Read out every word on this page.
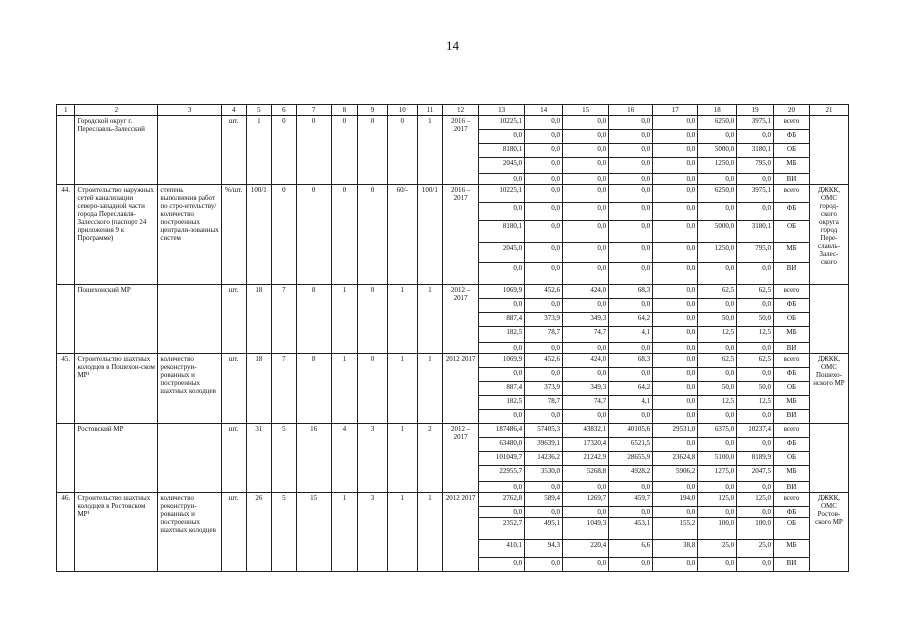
14
1	2	3	4	5	6	7	8	9	10	11	12	13	14	15	16	17	18	19	20	21
	Городской округ г. Переславль-Залесский		шт.	1	0	0	0	0	0	1	2016 – 2017	10225,1	0,0	0,0	0,0	0,0	6250,0	3975,1	всего	
												0,0	0,0	0,0	0,0	0,0	0,0	0,0	ФБ	
												8180,1	0,0	0,0	0,0	0,0	5000,0	3180,1	ОБ	
												2045,0	0,0	0,0	0,0	0,0	1250,0	795,0	МБ	
												0,0	0,0	0,0	0,0	0,0	0,0	0,0	ВИ	
44.	Строительство наружных сетей канализации северо-западной части города Переславля-Залесского (паспорт 24 приложения 9 к Программе)	степень выполнения работ по стро-ительству/ количество построенных централи-зованных систем	%/шт.	100/1	0	0	0	0	60/-	100/1	2016 – 2017	10225,1	0,0	0,0	0,0	0,0	6250,0	3975,1	всего	ДЖКК, ОМС город-ского округа город Пере-славль-Залес-ского
												0,0	0,0	0,0	0,0	0,0	0,0	0,0	ФБ	
												8180,1	0,0	0,0	0,0	0,0	5000,0	3180,1	ОБ	
												2045,0	0,0	0,0	0,0	0,0	1250,0	795,0	МБ	
												0,0	0,0	0,0	0,0	0,0	0,0	0,0	ВИ	
	Пошехонский МР		шт.	18	7	8	1	0	1	1	2012 – 2017	1069,9	452,6	424,0	68,3	0,0	62,5	62,5	всего	
												0,0	0,0	0,0	0,0	0,0	0,0	0,0	ФБ	
												887,4	373,9	349,3	64,2	0,0	50,0	50,0	ОБ	
												182,5	78,7	74,7	4,1	0,0	12,5	12,5	МБ	
												0,0	0,0	0,0	0,0	0,0	0,0	0,0	ВИ	
45.	Строительство шахтных колодцев в Пошехон-ском МР¹	количество реконструи-рованных и построенных шахтных колодцев	шт.	18	7	8	1	0	1	1	2012 2017	1069,9	452,6	424,0	68,3	0,0	62,5	62,5	всего	ДЖКК, ОМС Пошехо-нского МР
												0,0	0,0	0,0	0,0	0,0	0,0	0,0	ФБ	
												887,4	373,9	349,3	64,2	0,0	50,0	50,0	ОБ	
												182,5	78,7	74,7	4,1	0,0	12,5	12,5	МБ	
												0,0	0,0	0,0	0,0	0,0	0,0	0,0	ВИ	
	Ростовский МР		шт.	31	5	16	4	3	1	2	2012 – 2017	187486,4	57405,3	43832,1	40105,6	29531,0	6375,0	10237,4	всего	
												63480,0	39639,1	17320,4	6521,5	0,0	0,0	0,0	ФБ	
												101049,7	14236,2	21242,9	28655,9	23624,8	5100,0	8189,9	ОБ	
												22955,7	3530,0	5268,8	4928,2	5906,2	1275,0	2047,5	МБ	
												0,0	0,0	0,0	0,0	0,0	0,0	0,0	ВИ	
46.	Строительство шахтных колодцев в Ростовском МР¹	количество реконструи-рованных и построенных шахтных колодцев	шт.	26	5	15	1	3	1	1	2012 2017	2762,8	589,4	1269,7	459,7	194,0	125,0	125,0	всего	ДЖКК, ОМС Ростов-ского МР
												0,0	0,0	0,0	0,0	0,0	0,0	0,0	ФБ	
												2352,7	495,1	1049,3	453,1	155,2	100,0	100,0	ОБ	
												410,1	94,3	220,4	6,6	38,8	25,0	25,0	МБ	
												0,0	0,0	0,0	0,0	0,0	0,0	0,0	ВИ	
